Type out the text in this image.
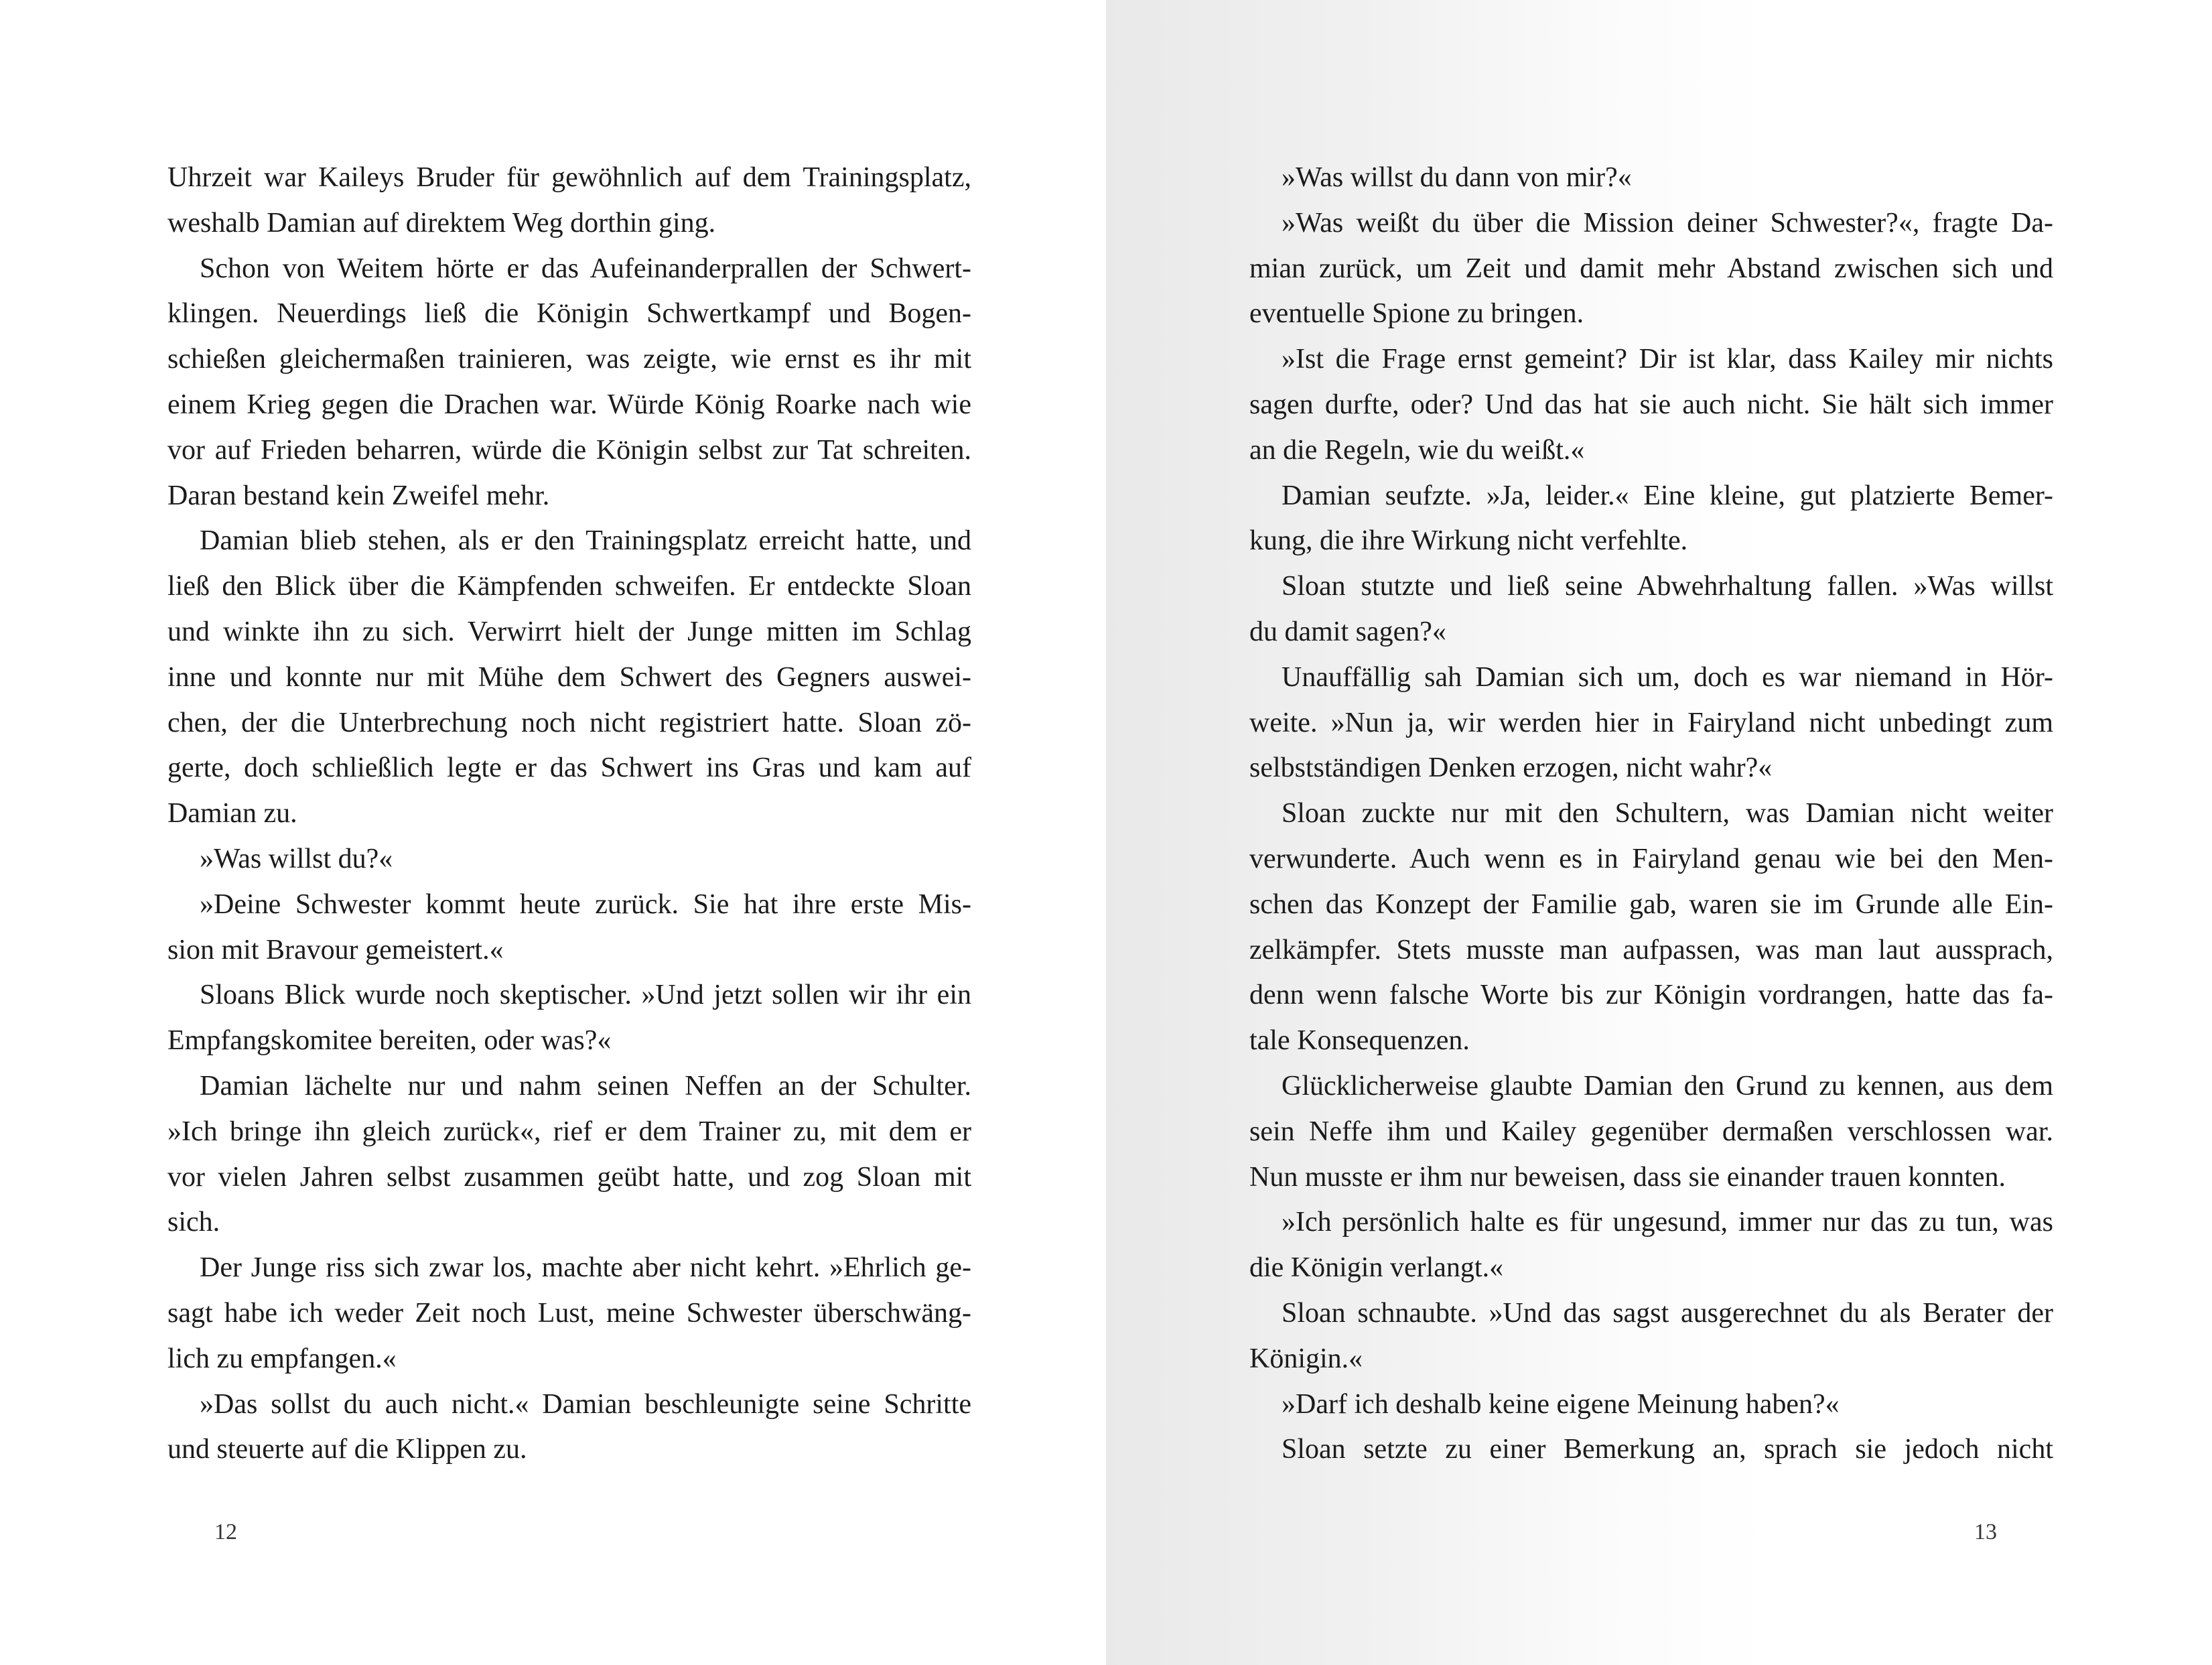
Uhrzeit war Kaileys Bruder für gewöhnlich auf dem Trainingsplatz,
weshalb Damian auf direktem Weg dorthin ging.
Schon von Weitem hörte er das Aufeinanderprallen der Schwert-
klingen. Neuerdings ließ die Königin Schwertkampf und Bogen-
schießen gleichermaßen trainieren, was zeigte, wie ernst es ihr mit
einem Krieg gegen die Drachen war. Würde König Roarke nach wie
vor auf Frieden beharren, würde die Königin selbst zur Tat schreiten.
Daran bestand kein Zweifel mehr.
Damian blieb stehen, als er den Trainingsplatz erreicht hatte, und
ließ den Blick über die Kämpfenden schweifen. Er entdeckte Sloan
und winkte ihn zu sich. Verwirrt hielt der Junge mitten im Schlag
inne und konnte nur mit Mühe dem Schwert des Gegners auswei-
chen, der die Unterbrechung noch nicht registriert hatte. Sloan zö-
gerte, doch schließlich legte er das Schwert ins Gras und kam auf
Damian zu.
»Was willst du?«
»Deine Schwester kommt heute zurück. Sie hat ihre erste Mis-
sion mit Bravour gemeistert.«
Sloans Blick wurde noch skeptischer. »Und jetzt sollen wir ihr ein
Empfangskomitee bereiten, oder was?«
Damian lächelte nur und nahm seinen Neffen an der Schulter.
»Ich bringe ihn gleich zurück«, rief er dem Trainer zu, mit dem er
vor vielen Jahren selbst zusammen geübt hatte, und zog Sloan mit
sich.
Der Junge riss sich zwar los, machte aber nicht kehrt. »Ehrlich ge-
sagt habe ich weder Zeit noch Lust, meine Schwester überschwäng-
lich zu empfangen.«
»Das sollst du auch nicht.« Damian beschleunigte seine Schritte
und steuerte auf die Klippen zu.
12
»Was willst du dann von mir?«
»Was weißt du über die Mission deiner Schwester?«, fragte Da-
mian zurück, um Zeit und damit mehr Abstand zwischen sich und
eventuelle Spione zu bringen.
»Ist die Frage ernst gemeint? Dir ist klar, dass Kailey mir nichts
sagen durfte, oder? Und das hat sie auch nicht. Sie hält sich immer
an die Regeln, wie du weißt.«
Damian seufzte. »Ja, leider.« Eine kleine, gut platzierte Bemer-
kung, die ihre Wirkung nicht verfehlte.
Sloan stutzte und ließ seine Abwehrhaltung fallen. »Was willst
du damit sagen?«
Unauffällig sah Damian sich um, doch es war niemand in Hör-
weite. »Nun ja, wir werden hier in Fairyland nicht unbedingt zum
selbstständigen Denken erzogen, nicht wahr?«
Sloan zuckte nur mit den Schultern, was Damian nicht weiter
verwunderte. Auch wenn es in Fairyland genau wie bei den Men-
schen das Konzept der Familie gab, waren sie im Grunde alle Ein-
zelkämpfer. Stets musste man aufpassen, was man laut aussprach,
denn wenn falsche Worte bis zur Königin vordrangen, hatte das fa-
tale Konsequenzen.
Glücklicherweise glaubte Damian den Grund zu kennen, aus dem
sein Neffe ihm und Kailey gegenüber dermaßen verschlossen war.
Nun musste er ihm nur beweisen, dass sie einander trauen konnten.
»Ich persönlich halte es für ungesund, immer nur das zu tun, was
die Königin verlangt.«
Sloan schnaubte. »Und das sagst ausgerechnet du als Berater der
Königin.«
»Darf ich deshalb keine eigene Meinung haben?«
Sloan setzte zu einer Bemerkung an, sprach sie jedoch nicht
13
